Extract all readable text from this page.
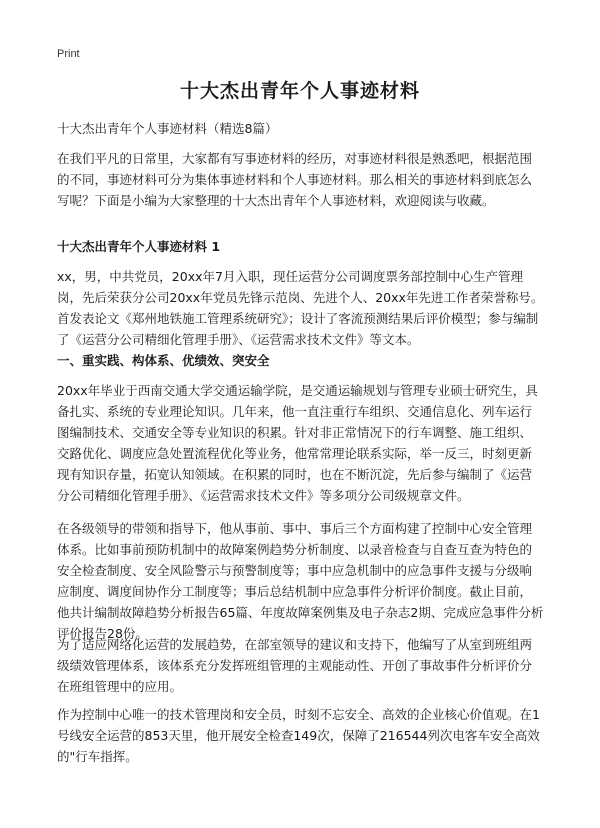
Print
十大杰出青年个人事迹材料
十大杰出青年个人事迹材料（精选8篇）
在我们平凡的日常里，大家都有写事迹材料的经历，对事迹材料很是熟悉吧，根据范围的不同，事迹材料可分为集体事迹材料和个人事迹材料。那么相关的事迹材料到底怎么写呢？下面是小编为大家整理的十大杰出青年个人事迹材料，欢迎阅读与收藏。
十大杰出青年个人事迹材料 1
xx，男，中共党员，20xx年7月入职，现任运营分公司调度票务部控制中心生产管理岗，先后荣获分公司20xx年党员先锋示范岗、先进个人、20xx年先进工作者荣誉称号。首发表论文《郑州地铁施工管理系统研究》；设计了客流预测结果后评价模型；参与编制了《运营分公司精细化管理手册》、《运营需求技术文件》等文本。
一、重实践、构体系、优绩效、突安全
20xx年毕业于西南交通大学交通运输学院，是交通运输规划与管理专业硕士研究生，具备扎实、系统的专业理论知识。几年来，他一直注重行车组织、交通信息化、列车运行图编制技术、交通安全等专业知识的积累。针对非正常情况下的行车调整、施工组织、交路优化、调度应急处置流程优化等业务，他常常理论联系实际，举一反三，时刻更新现有知识存量，拓宽认知领域。在积累的同时，也在不断沉淀，先后参与编制了《运营分公司精细化管理手册》、《运营需求技术文件》等多项分公司级规章文件。
在各级领导的带领和指导下，他从事前、事中、事后三个方面构建了控制中心安全管理体系。比如事前预防机制中的故障案例趋势分析制度、以录音检查与自查互查为特色的安全检查制度、安全风险警示与预警制度等；事中应急机制中的应急事件支援与分级响应制度、调度间协作分工制度等；事后总结机制中应急事件分析评价制度。截止目前，他共计编制故障趋势分析报告65篇、年度故障案例集及电子杂志2期、完成应急事件分析评价报告28份。
为了适应网络化运营的发展趋势，在部室领导的建议和支持下，他编写了从室到班组两级绩效管理体系，该体系充分发挥班组管理的主观能动性、开创了事故事件分析评价分在班组管理中的应用。
作为控制中心唯一的技术管理岗和安全员，时刻不忘安全、高效的企业核心价值观。在1号线安全运营的853天里，他开展安全检查149次，保障了216544列次电客车安全高效的"行车指挥。
